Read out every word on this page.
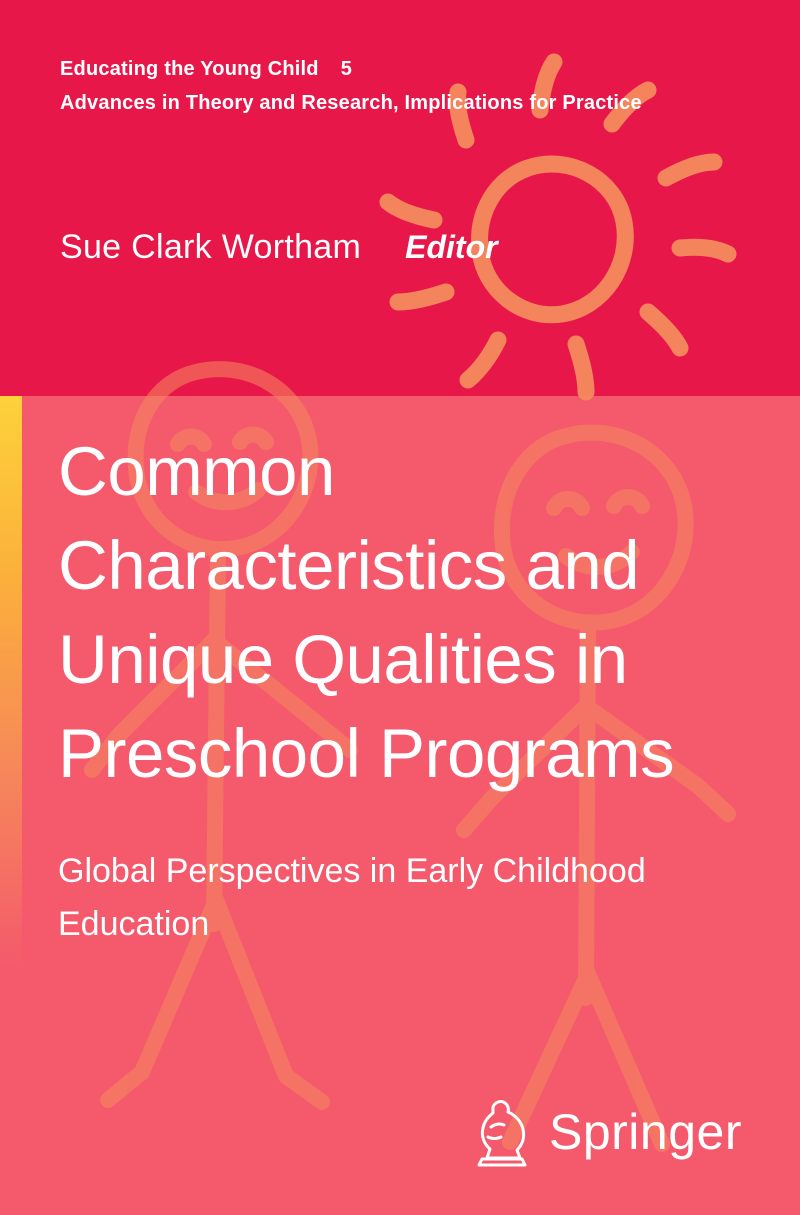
Educating the Young Child 5
Advances in Theory and Research, Implications for Practice
Sue Clark Wortham Editor
Common
Characteristics and
Unique Qualities in
Preschool Programs
Global Perspectives in Early Childhood
Education
Springer
